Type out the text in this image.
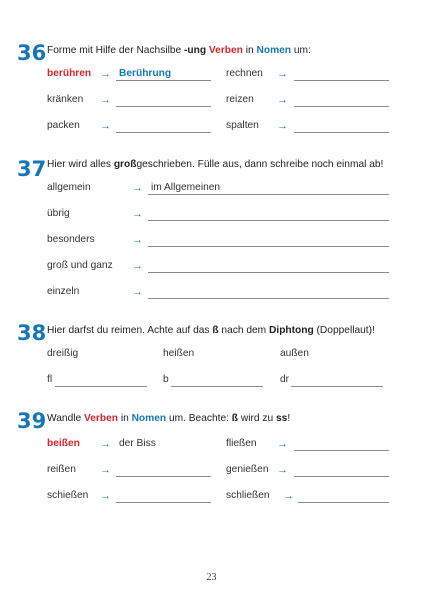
36 Forme mit Hilfe der Nachsilbe -ung Verben in Nomen um:
berühren → Berührung	rechnen →
kränken →	reizen →
packen →	spalten →
37 Hier wird alles großgeschrieben. Fülle aus, dann schreibe noch einmal ab!
allgemein	→ im Allgemeinen
übrig	→
besonders	→
groß und ganz →
einzeln	→
38 Hier darfst du reimen. Achte auf das ß nach dem Diphtong (Doppellaut)!
dreißig	heißen	außen
fl	b	dr
39 Wandle Verben in Nomen um. Beachte: ß wird zu ss!
beißen → der Biss	fließen →
reißen →	genießen →
schießen →	schließen →
23
